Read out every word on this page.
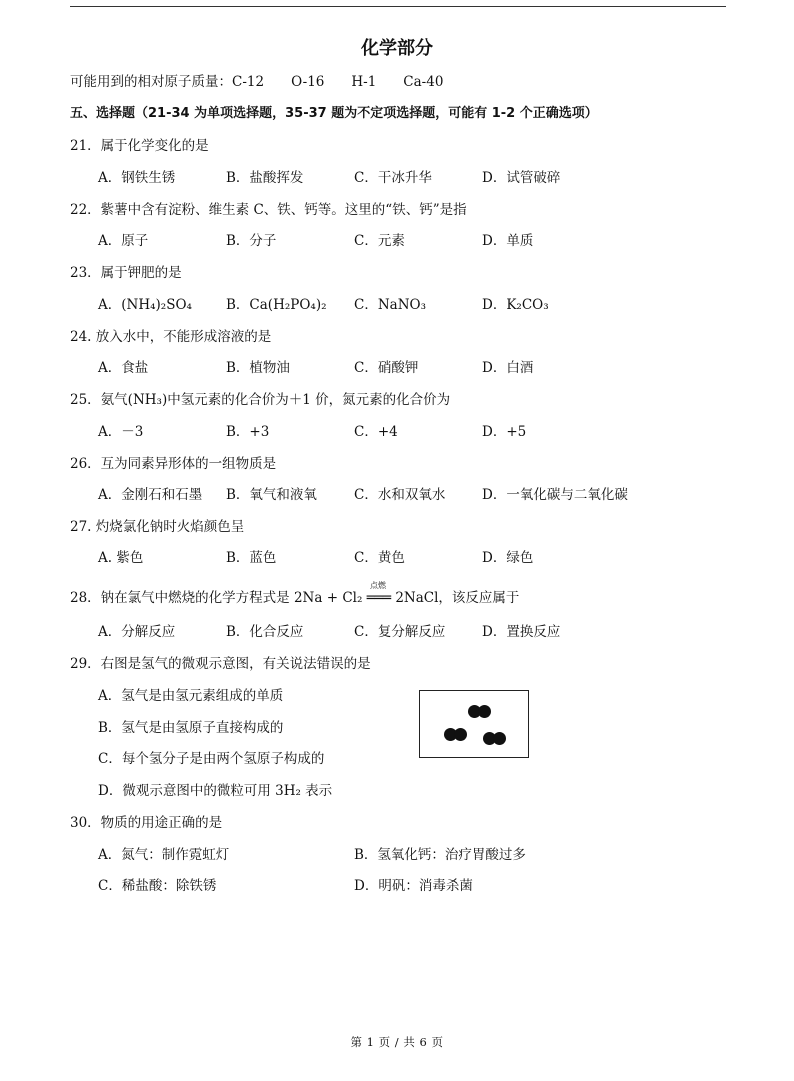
化学部分
可能用到的相对原子质量：C-12　　O-16　　H-1　　Ca-40
五、选择题（21-34 为单项选择题，35-37 题为不定项选择题，可能有 1-2 个正确选项）
21．属于化学变化的是
A．钢铁生锈	B．盐酸挥发	C．干冰升华	D．试管破碎
22．紫薯中含有淀粉、维生素 C、铁、钙等。这里的“铁、钙”是指
A．原子	B．分子	C．元素	D．单质
23．属于钾肥的是
A．(NH₄)₂SO₄	B．Ca(H₂PO₄)₂ C．NaNO₃	D．K₂CO₃
24. 放入水中，不能形成溶液的是
A．食盐	B．植物油	C．硝酸钾	D．白酒
25．氨气(NH₃)中氢元素的化合价为＋1 价，氮元素的化合价为
A．－3	B．+3	C．+4	D．+5
26．互为同素异形体的一组物质是
A．金刚石和石墨 B．氧气和液氧	C．水和双氧水	D．一氧化碳与二氧化碳
27. 灼烧氯化钠时火焰颜色呈
A. 紫色	B．蓝色	C．黄色	D．绿色
点燃
28．钠在氯气中燃烧的化学方程式是 2Na + Cl₂ ═══ 2NaCl，该反应属于
A．分解反应	B．化合反应	C．复分解反应	D．置换反应
29．右图是氢气的微观示意图，有关说法错误的是
A．氢气是由氢元素组成的单质
B．氢气是由氢原子直接构成的
C．每个氢分子是由两个氢原子构成的
D．微观示意图中的微粒可用 3H₂ 表示
30．物质的用途正确的是
A．氮气：制作霓虹灯	B．氢氧化钙：治疗胃酸过多
C．稀盐酸：除铁锈	D．明矾：消毒杀菌
第 1 页 / 共 6 页
